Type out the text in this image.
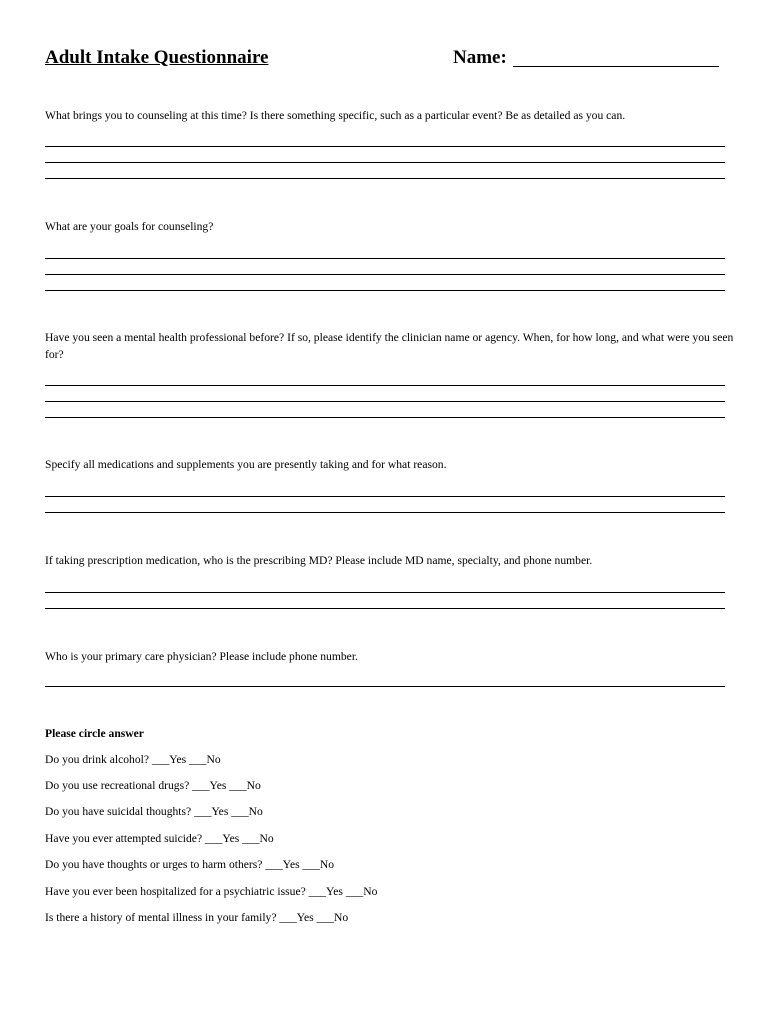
Adult Intake Questionnaire	Name:
What brings you to counseling at this time? Is there something specific, such as a particular event? Be as detailed as you can.
What are your goals for counseling?
Have you seen a mental health professional before? If so, please identify the clinician name or agency. When, for how long, and what were you seen for?
Specify all medications and supplements you are presently taking and for what reason.
If taking prescription medication, who is the prescribing MD? Please include MD name, specialty, and phone number.
Who is your primary care physician? Please include phone number.
Please circle answer
Do you drink alcohol? ___Yes ___No
Do you use recreational drugs? ___Yes ___No
Do you have suicidal thoughts? ___Yes ___No
Have you ever attempted suicide? ___Yes ___No
Do you have thoughts or urges to harm others? ___Yes ___No
Have you ever been hospitalized for a psychiatric issue? ___Yes ___No
Is there a history of mental illness in your family? ___Yes ___No
